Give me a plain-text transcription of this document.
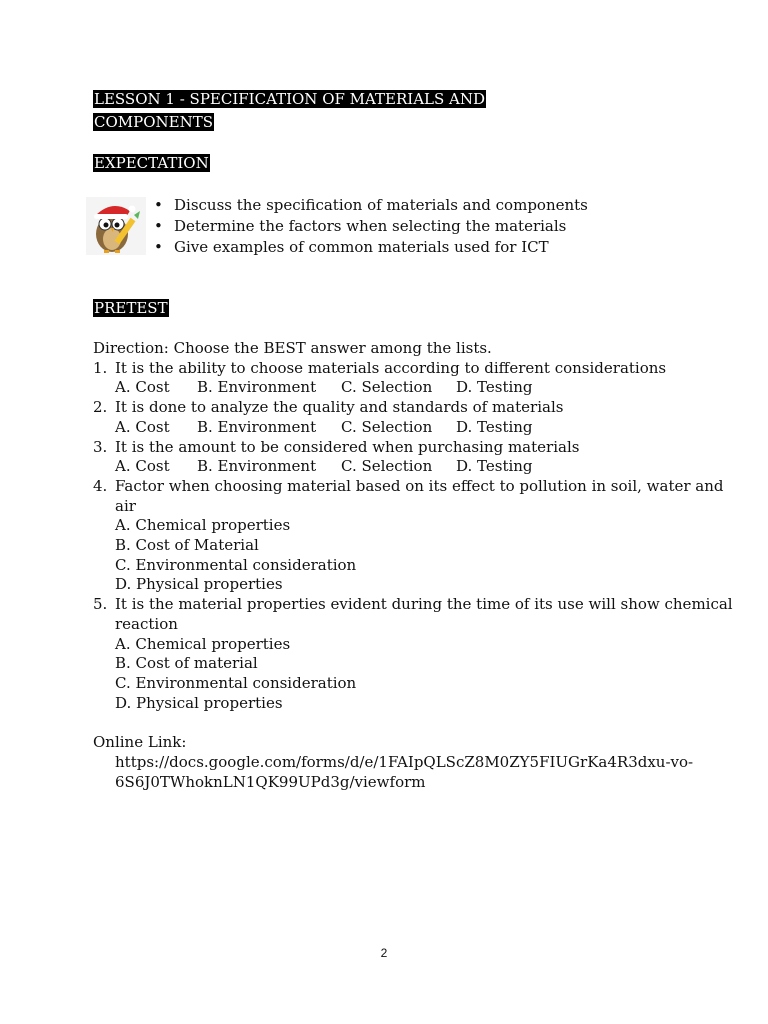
LESSON 1 - SPECIFICATION OF MATERIALS AND
COMPONENTS
EXPECTATION
• Discuss the specification of materials and components
• Determine the factors when selecting the materials
• Give examples of common materials used for ICT
PRETEST
Direction: Choose the BEST answer among the lists.
1. It is the ability to choose materials according to different considerations
A. Cost B. Environment C. Selection D. Testing
2. It is done to analyze the quality and standards of materials
A. Cost B. Environment C. Selection D. Testing
3. It is the amount to be considered when purchasing materials
A. Cost B. Environment C. Selection D. Testing
4. Factor when choosing material based on its effect to pollution in soil, water and air
A. Chemical properties
B. Cost of Material
C. Environmental consideration
D. Physical properties
5. It is the material properties evident during the time of its use will show chemical reaction
A. Chemical properties
B. Cost of material
C. Environmental consideration
D. Physical properties
Online Link:
https://docs.google.com/forms/d/e/1FAIpQLScZ8M0ZY5FIUGrKa4R3dxu-vo-6S6J0TWhoknLN1QK99UPd3g/viewform
2
